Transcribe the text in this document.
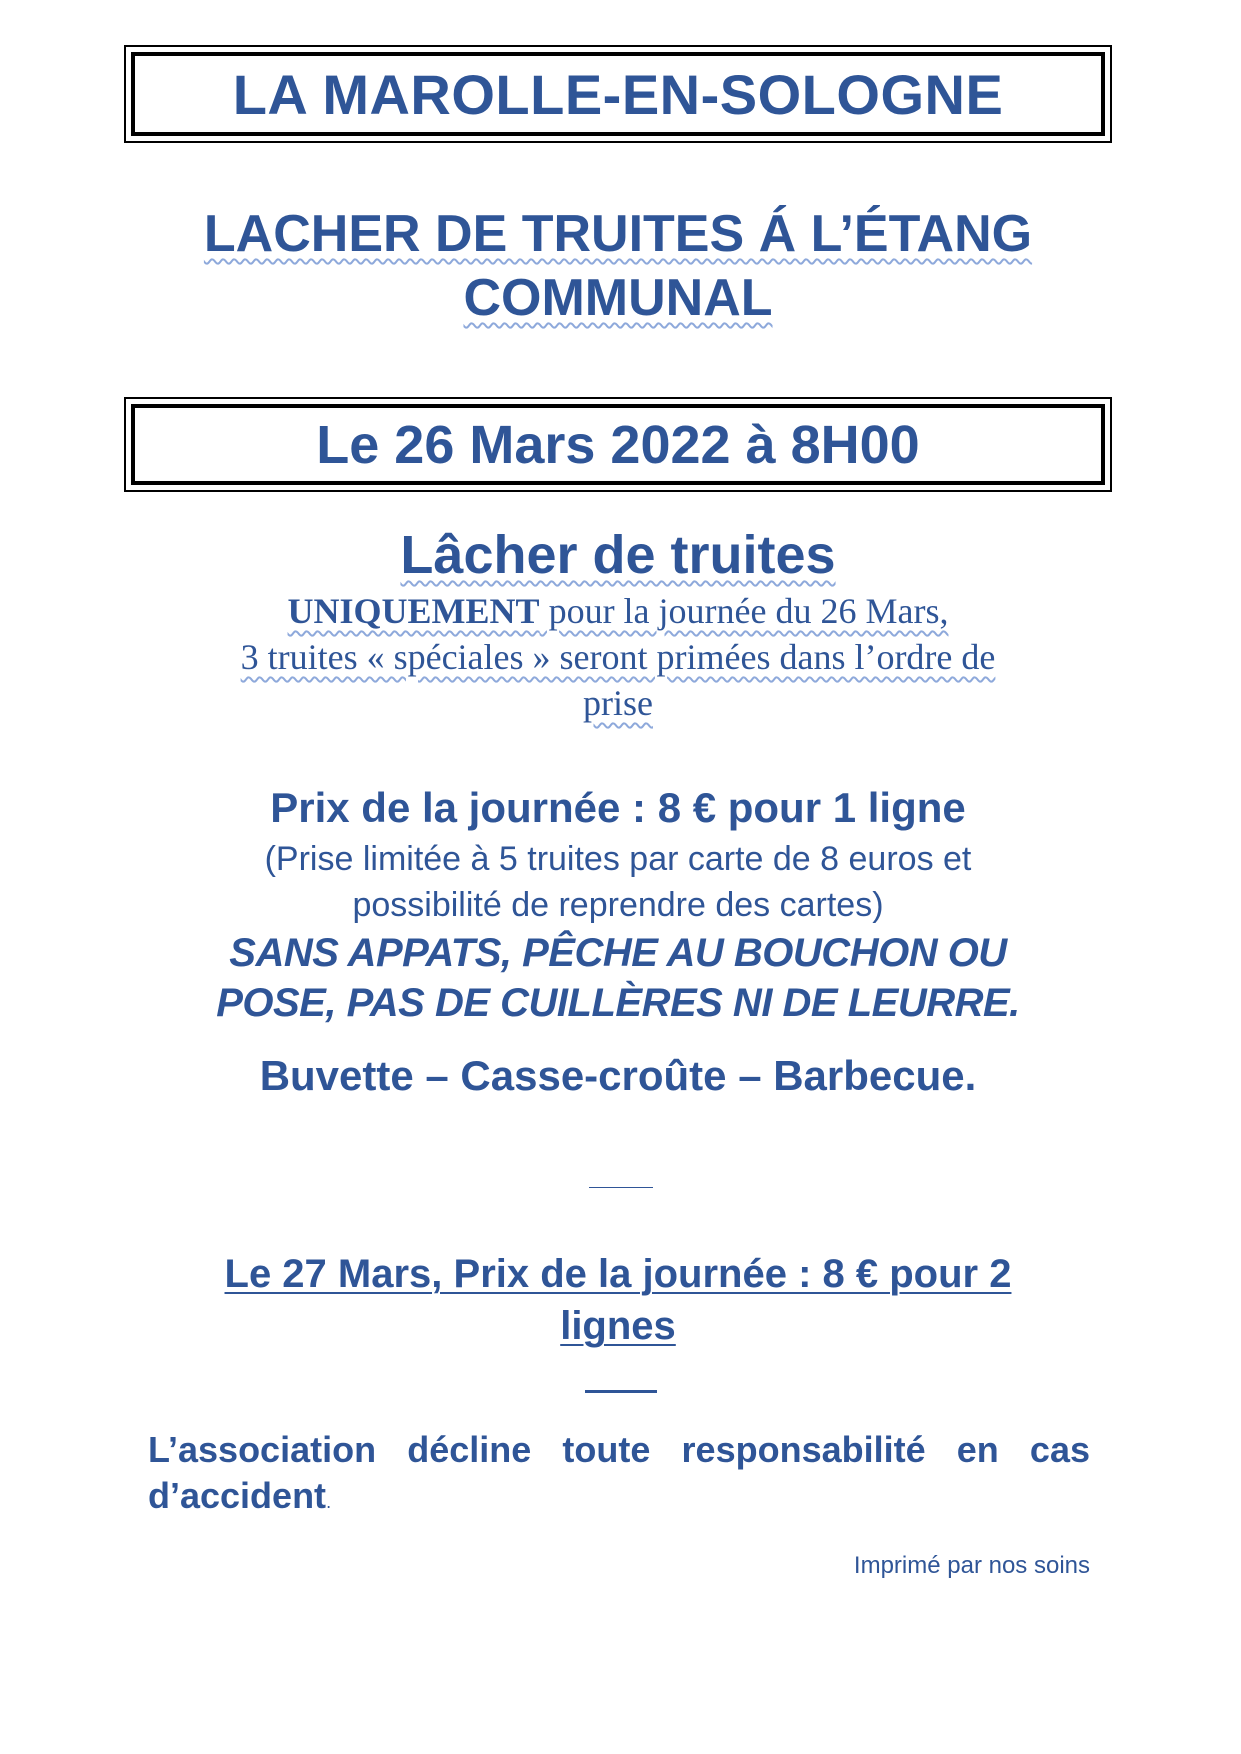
LA MAROLLE-EN-SOLOGNE
LACHER DE TRUITES Á L’ÉTANG
COMMUNAL
Le 26 Mars 2022 à 8H00
Lâcher de truites
UNIQUEMENT pour la journée du 26 Mars,
3 truites « spéciales » seront primées dans l’ordre de
prise
Prix de la journée : 8 € pour 1 ligne
(Prise limitée à 5 truites par carte de 8 euros et
possibilité de reprendre des cartes)
SANS APPATS, PÊCHE AU BOUCHON OU
POSE, PAS DE CUILLÈRES NI DE LEURRE.
Buvette – Casse-croûte – Barbecue.
Le 27 Mars, Prix de la journée : 8 € pour 2
lignes
L’association décline toute responsabilité en cas
d’accident.
Imprimé par nos soins
